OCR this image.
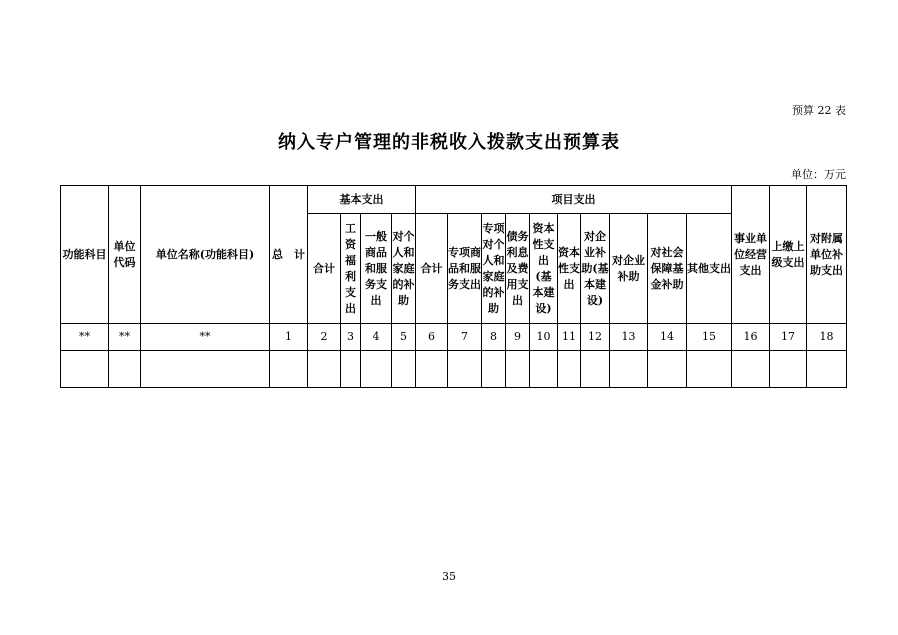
预算 22 表
纳入专户管理的非税收入拨款支出预算表
单位：万元
功能科目	单位代码	单位名称(功能科目)	总　计	基本支出				项目支出										事业单位经营支出	上缴上级支出	对附属单位补助支出
				合计	工资福利支出	一般商品和服务支出	对个人和家庭的补助	合计	专项商品和服务支出	专项对个人和家庭的补助	债务利息及费用支出	资本性支出(基本建设)	资本性支出	对企业补助(基本建设)	对企业补助	对社会保障基金补助	其他支出			
**	**	**	1	2	3	4	5	6	7	8	9	10	11	12	13	14	15	16	17	18

35
